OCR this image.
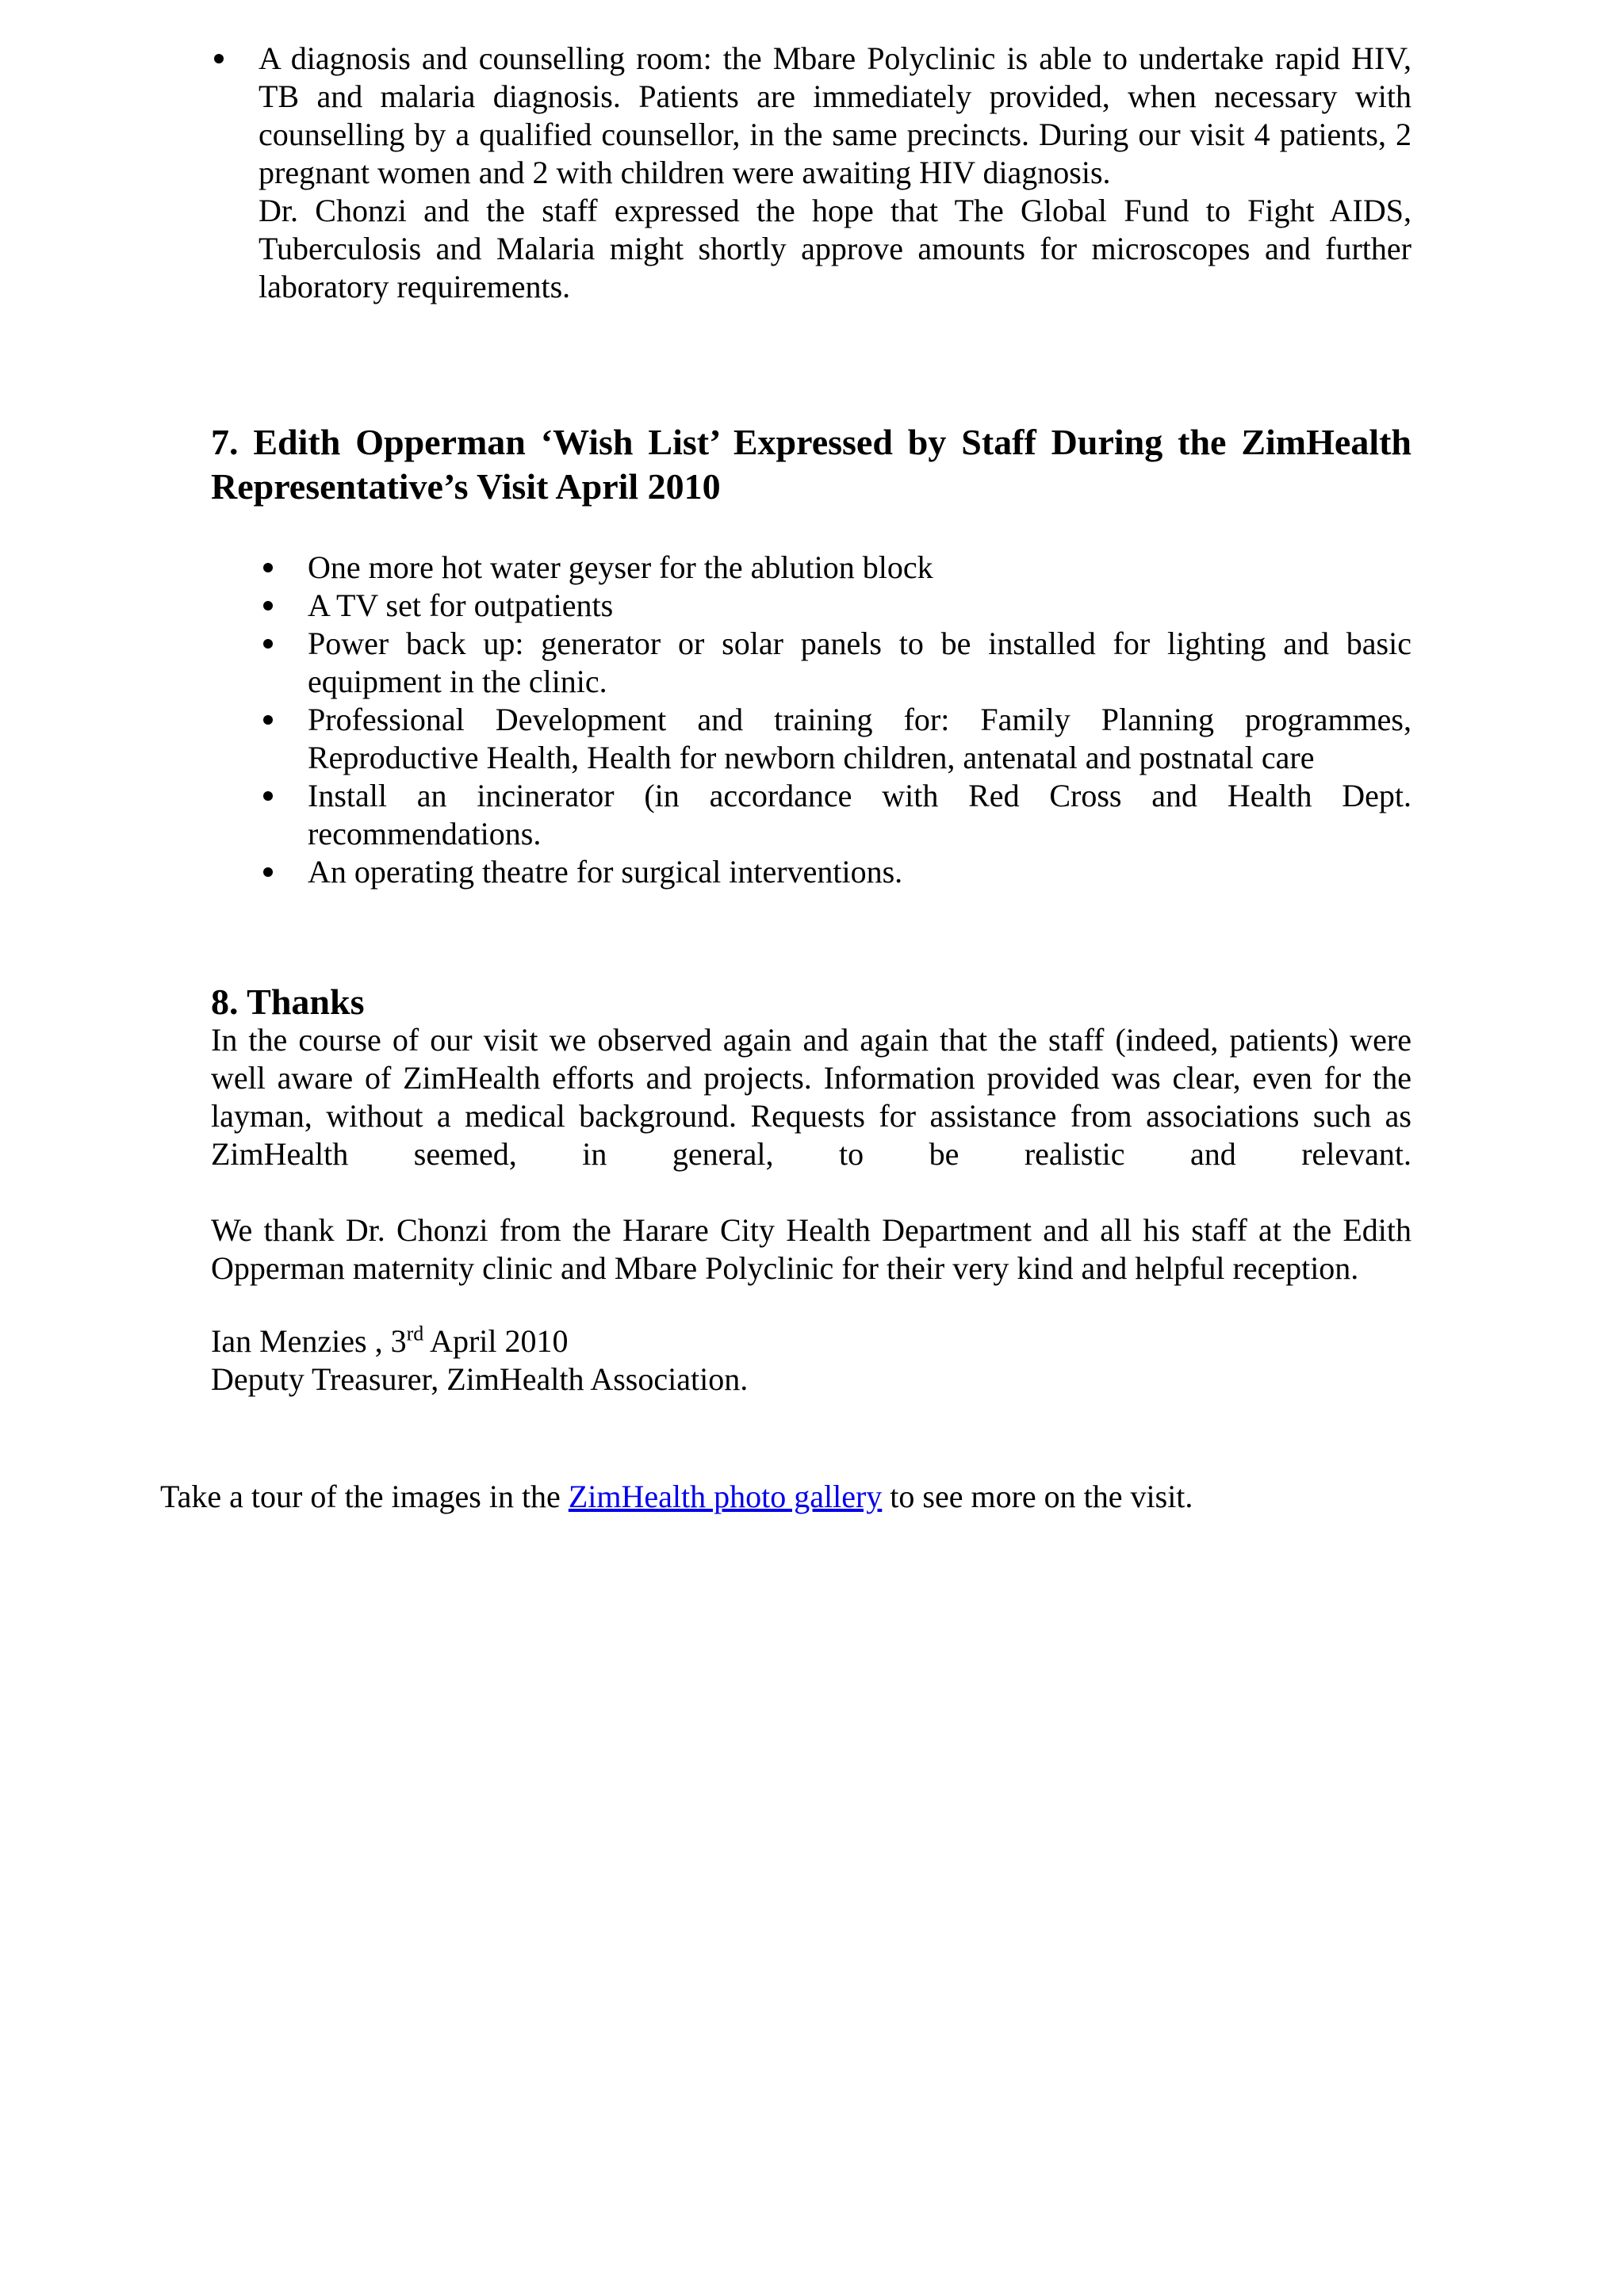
A diagnosis and counselling room: the Mbare Polyclinic is able to undertake rapid HIV, TB and malaria diagnosis. Patients are immediately provided, when necessary with counselling by a qualified counsellor, in the same precincts. During our visit 4 patients, 2 pregnant women and 2 with children were awaiting HIV diagnosis.

Dr. Chonzi and the staff expressed the hope that The Global Fund to Fight AIDS, Tuberculosis and Malaria might shortly approve amounts for microscopes and further laboratory requirements.

7. Edith Opperman ‘Wish List’ Expressed by Staff During the ZimHealth Representative’s Visit April 2010

One more hot water geyser for the ablution block

A TV set for outpatients

Power back up: generator or solar panels to be installed for lighting and basic equipment in the clinic.

Professional Development and training for: Family Planning programmes, Reproductive Health, Health for newborn children, antenatal and postnatal care

Install an incinerator (in accordance with Red Cross and Health Dept. recommendations.

An operating theatre for surgical interventions.

8. Thanks

In the course of our visit we observed again and again that the staff (indeed, patients) were well aware of ZimHealth efforts and projects. Information provided was clear, even for the layman, without a medical background. Requests for assistance from associations such as ZimHealth seemed, in general, to be realistic and relevant.

We thank Dr. Chonzi from the Harare City Health Department and all his staff at the Edith Opperman maternity clinic and Mbare Polyclinic for their very kind and helpful reception.

Ian Menzies , 3rd April 2010

Deputy Treasurer, ZimHealth Association.

Take a tour of the images in the ZimHealth photo gallery to see more on the visit.
